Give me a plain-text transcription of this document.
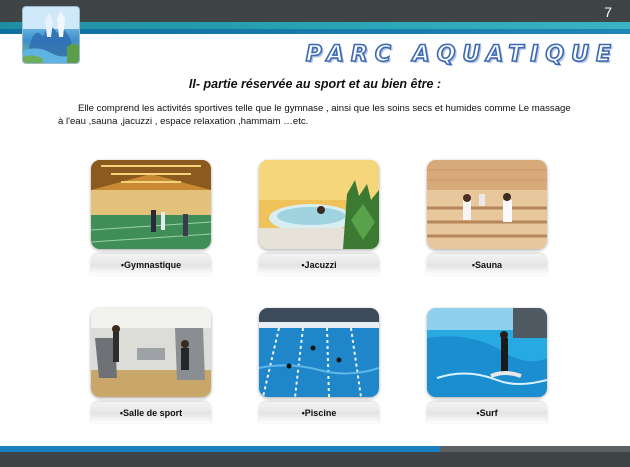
7
PARC AQUATIQUE
II- partie réservée au sport et au bien être :
Elle comprend les activités sportives telle que le gymnase , ainsi que les soins secs et humides comme Le massage à l'eau ,sauna ,jacuzzi , espace relaxation ,hammam …etc.
•Gymnastique	•Jacuzzi	•Sauna
•Salle de sport	•Piscine	•Surf
